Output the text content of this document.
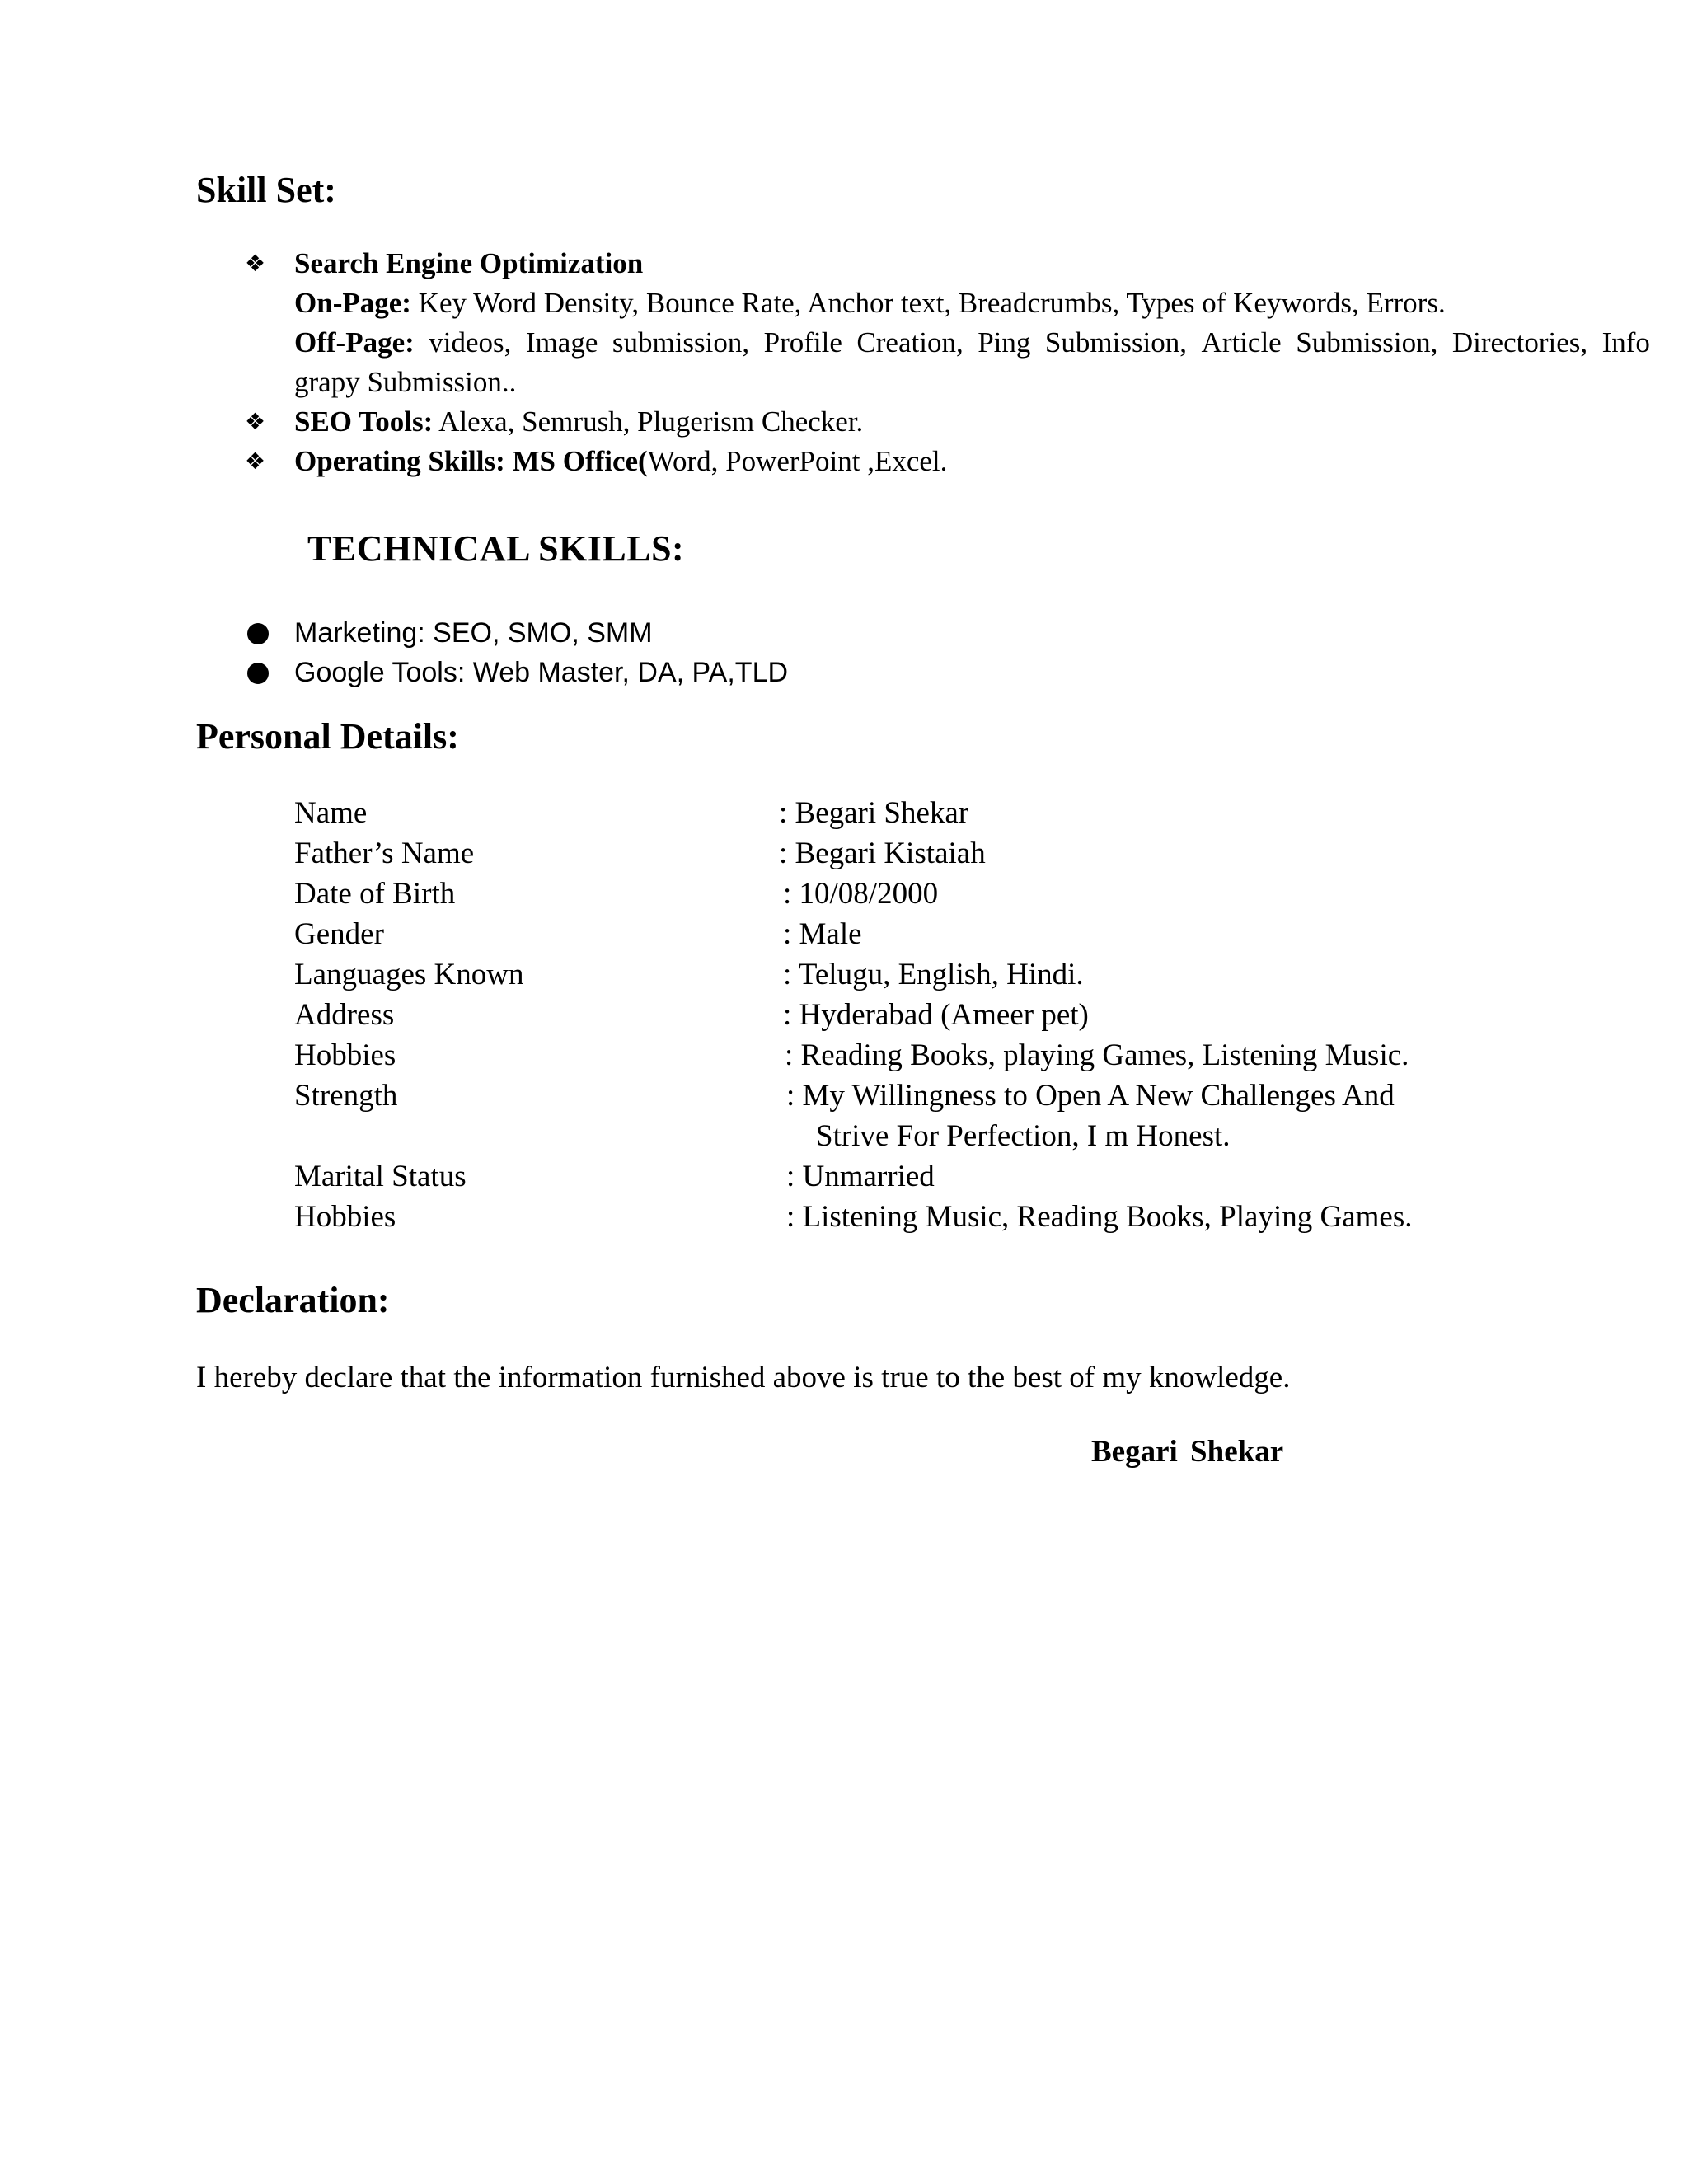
Skill Set:
❖ Search Engine Optimization
On-Page: Key Word Density, Bounce Rate, Anchor text, Breadcrumbs, Types of Keywords, Errors.
Off-Page: videos, Image submission, Profile Creation, Ping Submission, Article Submission, Directories, Info
grapy Submission..
❖ SEO Tools: Alexa, Semrush, Plugerism Checker.
❖ Operating Skills: MS Office(Word, PowerPoint ,Excel.
TECHNICAL SKILLS:
Marketing: SEO, SMO, SMM
Google Tools: Web Master, DA, PA,TLD
Personal Details:
Name	: Begari Shekar
Father’s Name	: Begari Kistaiah
Date of Birth	: 10/08/2000
Gender	: Male
Languages Known	: Telugu, English, Hindi.
Address	: Hyderabad (Ameer pet)
Hobbies	: Reading Books, playing Games, Listening Music.
Strength	: My Willingness to Open A New Challenges And
Strive For Perfection, I m Honest.
Marital Status	: Unmarried
Hobbies	: Listening Music, Reading Books, Playing Games.
Declaration:
I hereby declare that the information furnished above is true to the best of my knowledge.
Begari Shekar
